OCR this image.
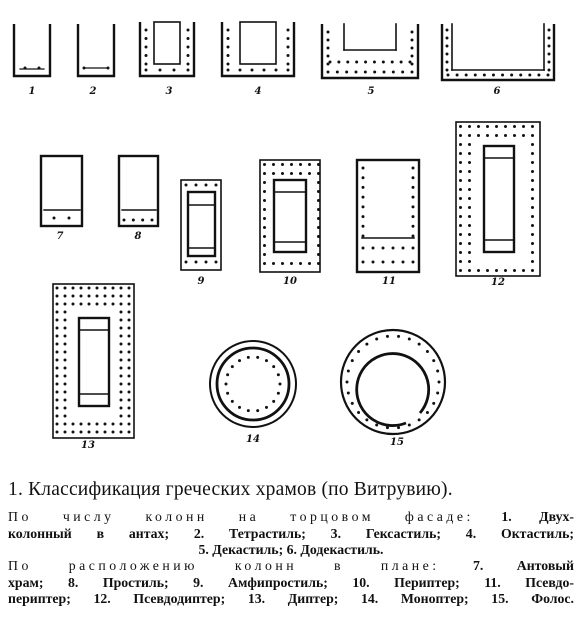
1	2	3	4	5	6
7	8
9	10	11	12
13
14	15
1. Классификация греческих храмов (по Витрувию).
По числу колонн на торцовом фасаде: 1. Двух-
колонный в антах; 2. Тетрастиль; 3. Гексастиль; 4. Октастиль;
5. Декастиль; 6. Додекастиль.
По расположению колонн в плане: 7. Антовый
храм; 8. Простиль; 9. Амфипростиль; 10. Периптер; 11. Псевдо-
периптер; 12. Псевдодиптер; 13. Диптер; 14. Моноптер; 15. Фолос.
